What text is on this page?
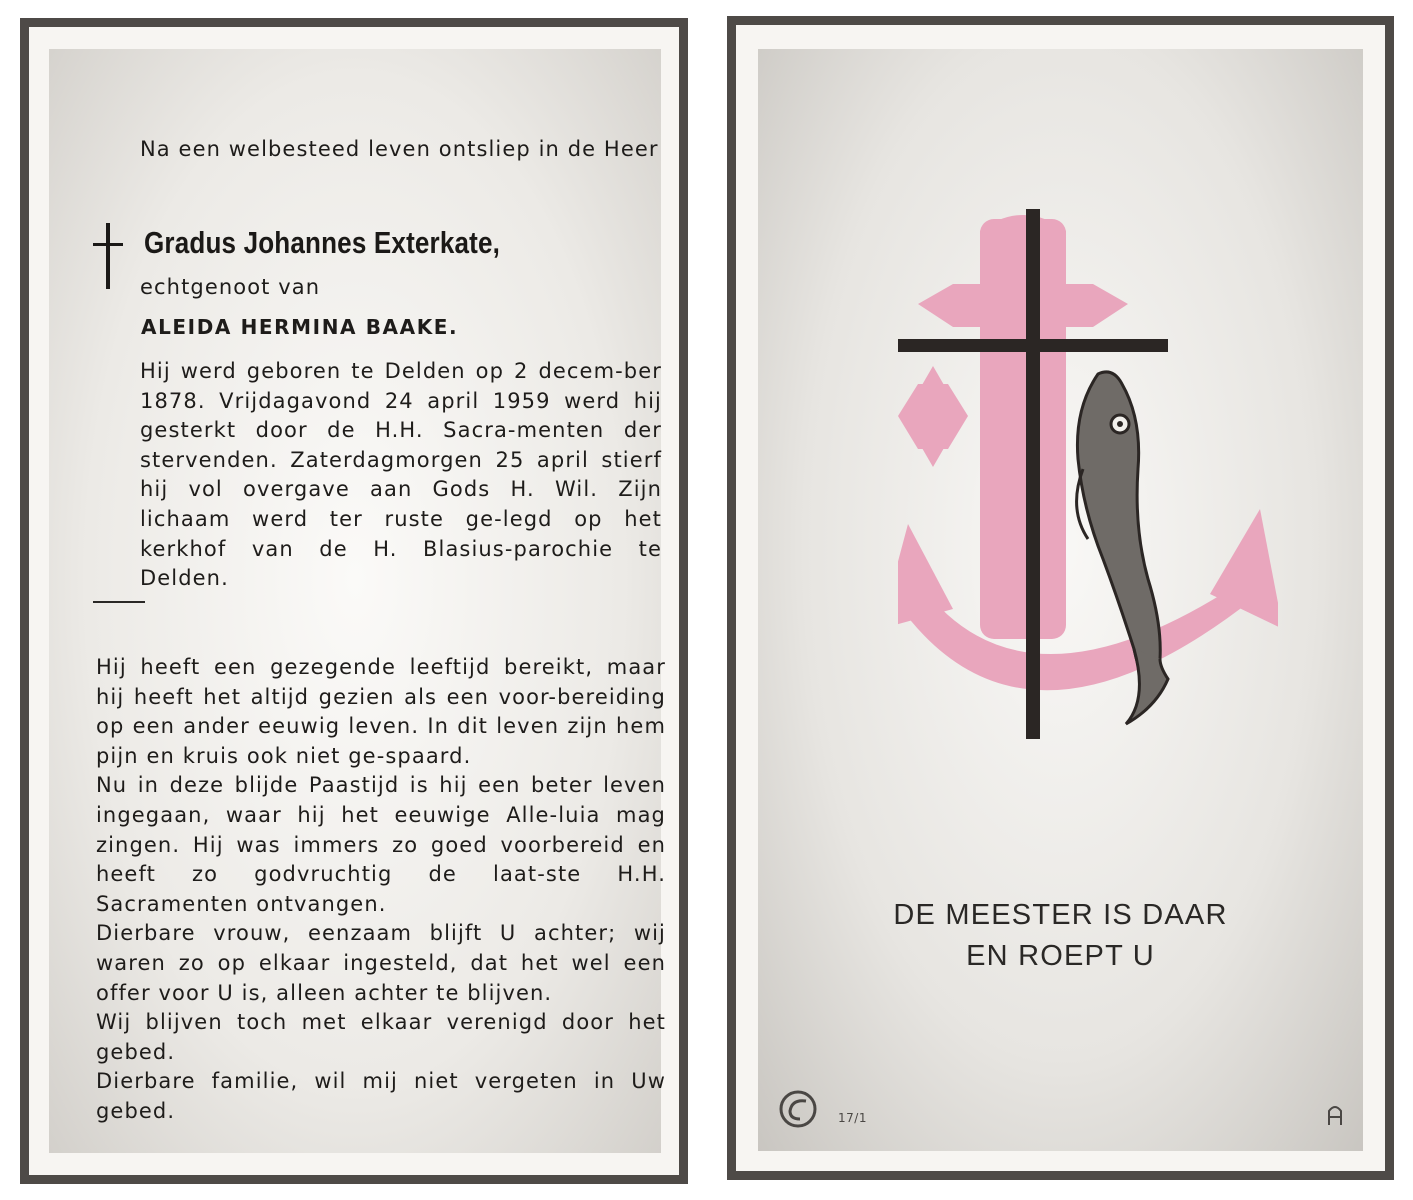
Na een welbesteed leven ontsliep in de Heer

Gradus Johannes Exterkate,

echtgenoot van

ALEIDA HERMINA BAAKE.

Hij werd geboren te Delden op 2 decem-ber 1878. Vrijdagavond 24 april 1959 werd hij gesterkt door de H.H. Sacra-menten der stervenden. Zaterdagmorgen 25 april stierf hij vol overgave aan Gods H. Wil. Zijn lichaam werd ter ruste ge-legd op het kerkhof van de H. Blasius-parochie te Delden.

Hij heeft een gezegende leeftijd bereikt, maar hij heeft het altijd gezien als een voor-bereiding op een ander eeuwig leven. In dit leven zijn hem pijn en kruis ook niet ge-spaard.

Nu in deze blijde Paastijd is hij een beter leven ingegaan, waar hij het eeuwige Alle-luia mag zingen. Hij was immers zo goed voorbereid en heeft zo godvruchtig de laat-ste H.H. Sacramenten ontvangen.

Dierbare vrouw, eenzaam blijft U achter; wij waren zo op elkaar ingesteld, dat het wel een offer voor U is, alleen achter te blijven.

Wij blijven toch met elkaar verenigd door het gebed.

Dierbare familie, wil mij niet vergeten in Uw gebed.

DE MEESTER IS DAAR
EN ROEPT U

17/1
